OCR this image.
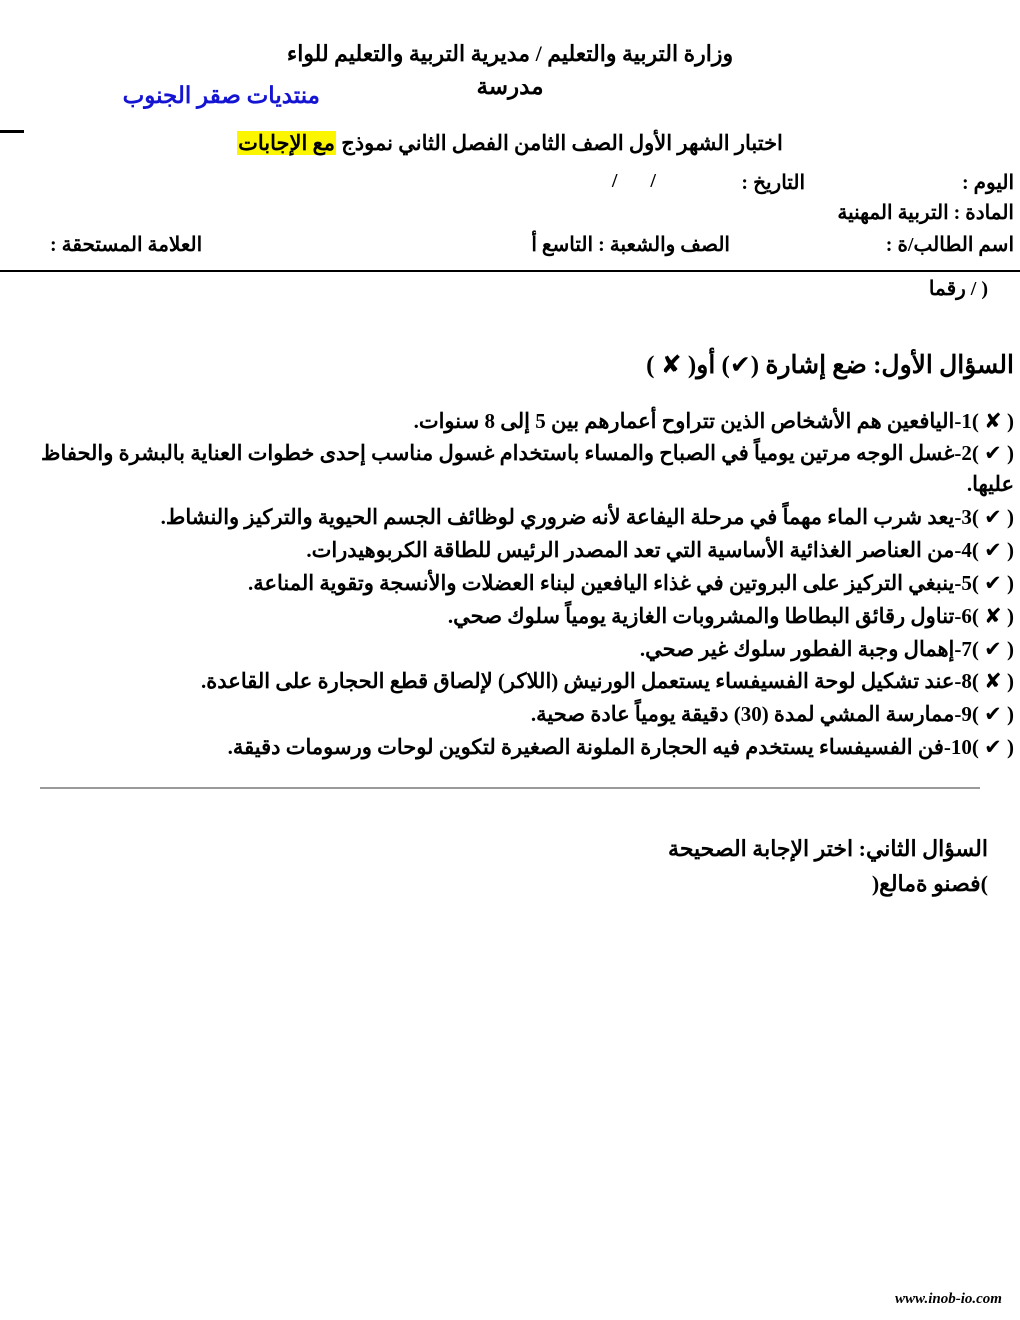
منتديات صقر الجنوب
وزارة التربية والتعليم / مديرية التربية والتعليم للواء
مدرسة
اختبار الشهر الأول الصف الثامن الفصل الثاني نموذج مع الإجابات
اليوم :
التاريخ :
/ /
المادة : التربية المهنية
اسم الطالب/ة :
الصف والشعبة : التاسع أ
العلامة المستحقة :
( / رقما
السؤال الأول: ضع إشارة (✔) أو( ✘ )
( ✘ )1-اليافعين هم الأشخاص الذين تتراوح أعمارهم بين 5 إلى 8 سنوات.
( ✔ )2-غسل الوجه مرتين يومياً في الصباح والمساء باستخدام غسول مناسب إحدى خطوات العناية بالبشرة والحفاظ عليها.
( ✔ )3-يعد شرب الماء مهماً في مرحلة اليفاعة لأنه ضروري لوظائف الجسم الحيوية والتركيز والنشاط.
( ✔ )4-من العناصر الغذائية الأساسية التي تعد المصدر الرئيس للطاقة الكربوهيدرات.
( ✔ )5-ينبغي التركيز على البروتين في غذاء اليافعين لبناء العضلات والأنسجة وتقوية المناعة.
( ✘ )6-تناول رقائق البطاطا والمشروبات الغازية يومياً سلوك صحي.
( ✔ )7-إهمال وجبة الفطور سلوك غير صحي.
( ✘ )8-عند تشكيل لوحة الفسيفساء يستعمل الورنيش (اللاكر) لإلصاق قطع الحجارة على القاعدة.
( ✔ )9-ممارسة المشي لمدة (30) دقيقة يومياً عادة صحية.
( ✔ )10-فن الفسيفساء يستخدم فيه الحجارة الملونة الصغيرة لتكوين لوحات ورسومات دقيقة.
السؤال الثاني: اختر الإجابة الصحيحة
)علامة ونصف(
www.inob-io.com
